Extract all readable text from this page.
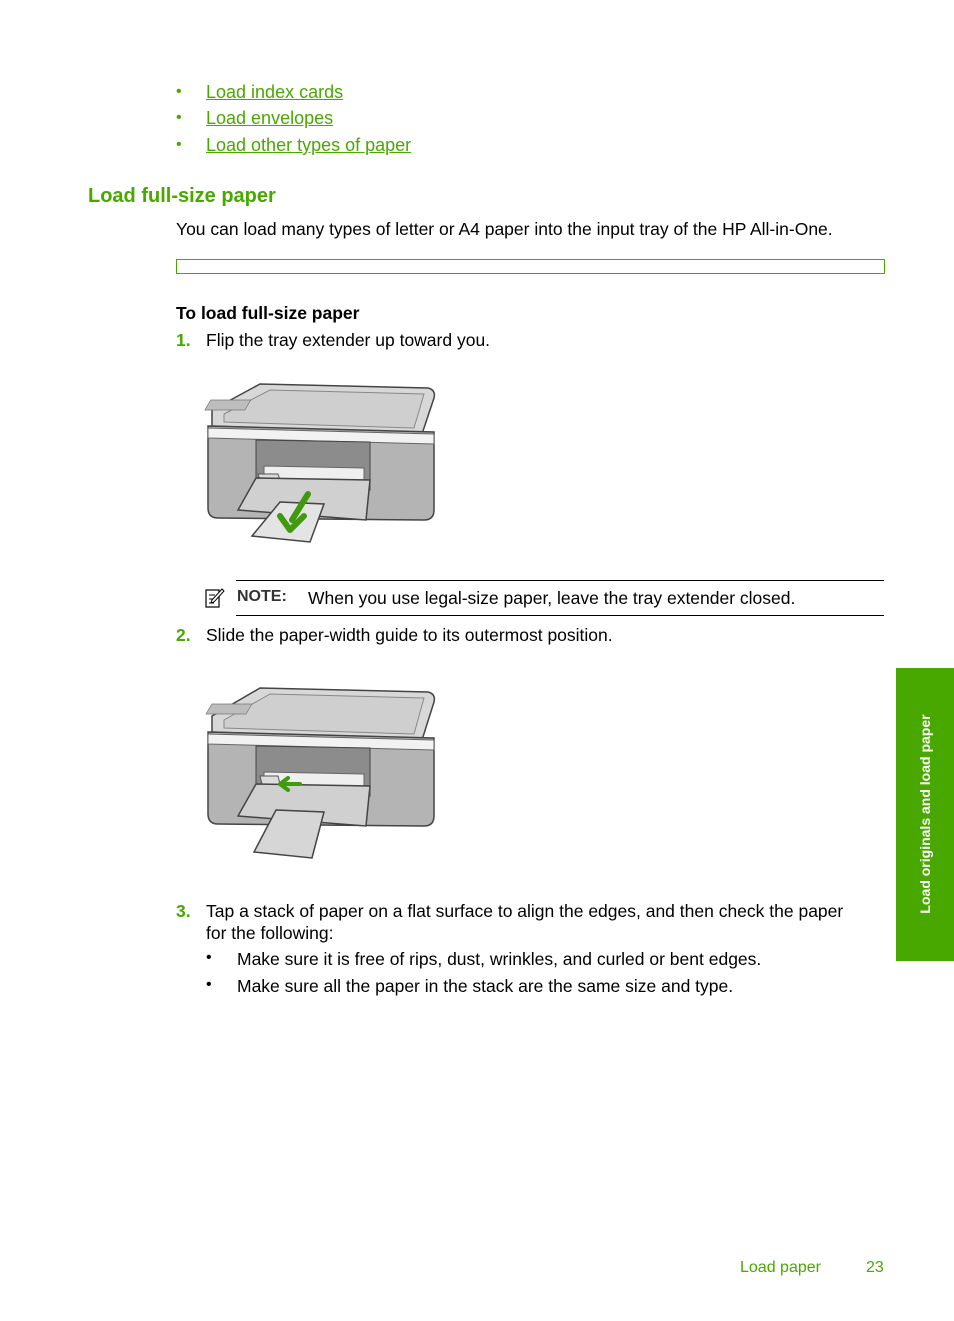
• Load index cards
• Load envelopes
• Load other types of paper
Load full-size paper
You can load many types of letter or A4 paper into the input tray of the HP All-in-One.
To load full-size paper
1. Flip the tray extender up toward you.
NOTE: When you use legal-size paper, leave the tray extender closed.
2. Slide the paper-width guide to its outermost position.
3. Tap a stack of paper on a flat surface to align the edges, and then check the paper
for the following:
• Make sure it is free of rips, dust, wrinkles, and curled or bent edges.
• Make sure all the paper in the stack are the same size and type.
Load originals and load paper
Load paper	23
